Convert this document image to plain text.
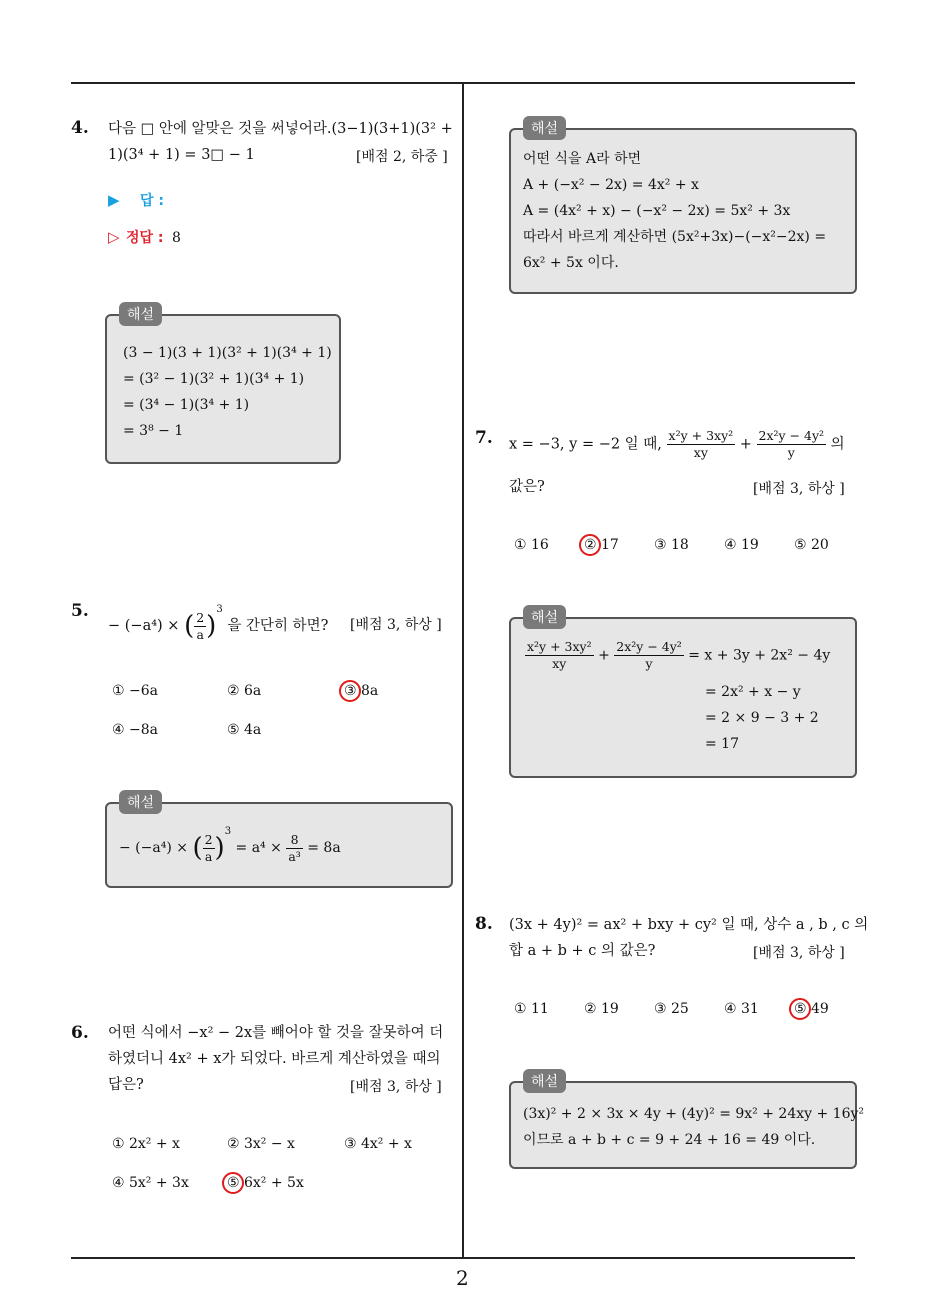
4. 다음 □ 안에 알맞은 것을 써넣어라.(3−1)(3+1)(3² +
1)(3⁴ + 1) = 3□ − 1	[배점 2, 하중 ]
▶ 답 :
▷ 정답 : 8
해설
(3 − 1)(3 + 1)(3² + 1)(3⁴ + 1)
= (3² − 1)(3² + 1)(3⁴ + 1)
= (3⁴ − 1)(3⁴ + 1)
= 3⁸ − 1
5.
− (−a⁴) × ( $\frac{2}{a} )^3$ 을 간단히 하면? [배점 3, 하상 ]
① −6a	② 6a	③ 8a
④ −8a	⑤ 4a
해설
− (−a⁴) × ( $\frac{2}{a} )^3 = a^4 \times \frac{8}{\text{a³}} = 8a$
6. 어떤 식에서 −x² − 2x를 빼어야 할 것을 잘못하여 더
하였더니 4x² + x가 되었다. 바르게 계산하였을 때의
답은?	[배점 3, 하상 ]
① 2x² + x	② 3x² − x	③ 4x² + x
④ 5x² + 3x	⑤ 6x² + 5x
해설
어떤 식을 A라 하면
A + (−x² − 2x) = 4x² + x
A = (4x² + x) − (−x² − 2x) = 5x² + 3x
따라서 바르게 계산하면 (5x²+3x)−(−x²−2x) =
6x² + 5x 이다.
7. x = −3, y = −2 일 때, $\frac{\text{x²y + 3xy²}}{xy} + \frac{\text{2x²y − 4y²}}{y}$ 의
값은?	[배점 3, 하상 ]
① 16	② 17	③ 18	④ 19	⑤ 20
해설
$\frac{\text{x²y + 3xy²}}{xy} + \frac{\text{2x²y − 4y²}}{y} = x + 3y + 2x^2 - 4y$
= 2x² + x − y
= 2 × 9 − 3 + 2
= 17
8. (3x + 4y)² = ax² + bxy + cy² 일 때, 상수 a , b , c 의
합 a + b + c 의 값은?	[배점 3, 하상 ]
① 11	② 19	③ 25	④ 31	⑤ 49
해설
(3x)² + 2 × 3x × 4y + (4y)² = 9x² + 24xy + 16y²
이므로 a + b + c = 9 + 24 + 16 = 49 이다.
2
